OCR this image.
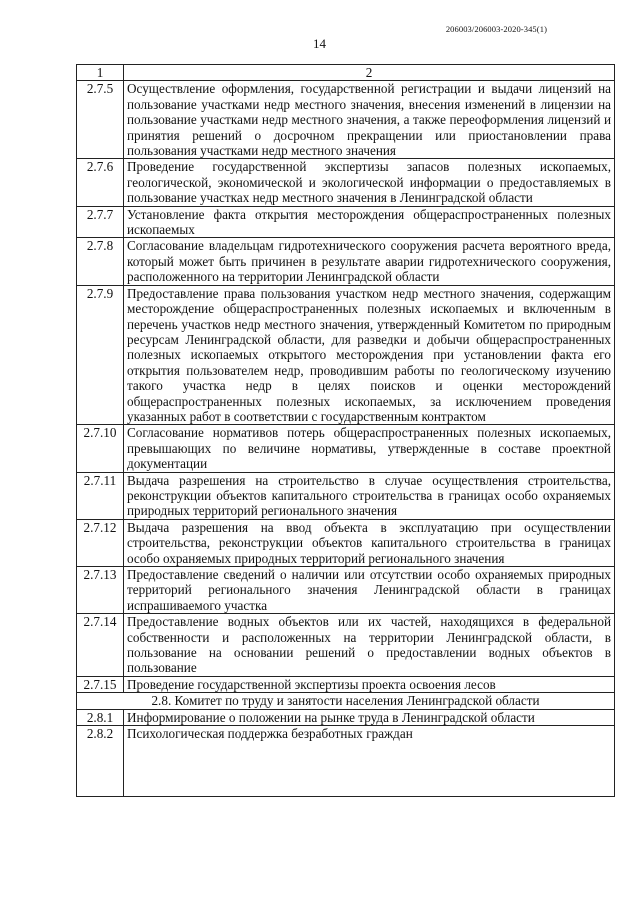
206003/206003-2020-345(1)
14
1	2
2.7.5	Осуществление оформления, государственной регистрации и выдачи лицензий на пользование участками недр местного значения, внесения изменений в лицензии на пользование участками недр местного значения, а также переоформления лицензий и принятия решений о досрочном прекращении или приостановлении права пользования участками недр местного значения
2.7.6	Проведение государственной экспертизы запасов полезных ископаемых, геологической, экономической и экологической информации о предоставляемых в пользование участках недр местного значения в Ленинградской области
2.7.7	Установление факта открытия месторождения общераспространенных полезных ископаемых
2.7.8	Согласование владельцам гидротехнического сооружения расчета вероятного вреда, который может быть причинен в результате аварии гидротехнического сооружения, расположенного на территории Ленинградской области
2.7.9	Предоставление права пользования участком недр местного значения, содержащим месторождение общераспространенных полезных ископаемых и включенным в перечень участков недр местного значения, утвержденный Комитетом по природным ресурсам Ленинградской области, для разведки и добычи общераспространенных полезных ископаемых открытого месторождения при установлении факта его открытия пользователем недр, проводившим работы по геологическому изучению такого участка недр в целях поисков и оценки месторождений общераспространенных полезных ископаемых, за исключением проведения указанных работ в соответствии с государственным контрактом
2.7.10	Согласование нормативов потерь общераспространенных полезных ископаемых, превышающих по величине нормативы, утвержденные в составе проектной документации
2.7.11	Выдача разрешения на строительство в случае осуществления строительства, реконструкции объектов капитального строительства в границах особо охраняемых природных территорий регионального значения
2.7.12	Выдача разрешения на ввод объекта в эксплуатацию при осуществлении строительства, реконструкции объектов капитального строительства в границах особо охраняемых природных территорий регионального значения
2.7.13	Предоставление сведений о наличии или отсутствии особо охраняемых природных территорий регионального значения Ленинградской области в границах испрашиваемого участка
2.7.14	Предоставление водных объектов или их частей, находящихся в федеральной собственности и расположенных на территории Ленинградской области, в пользование на основании решений о предоставлении водных объектов в пользование
2.7.15	Проведение государственной экспертизы проекта освоения лесов
2.8. Комитет по труду и занятости населения Ленинградской области	
2.8.1	Информирование о положении на рынке труда в Ленинградской области
2.8.2	Психологическая поддержка безработных граждан
